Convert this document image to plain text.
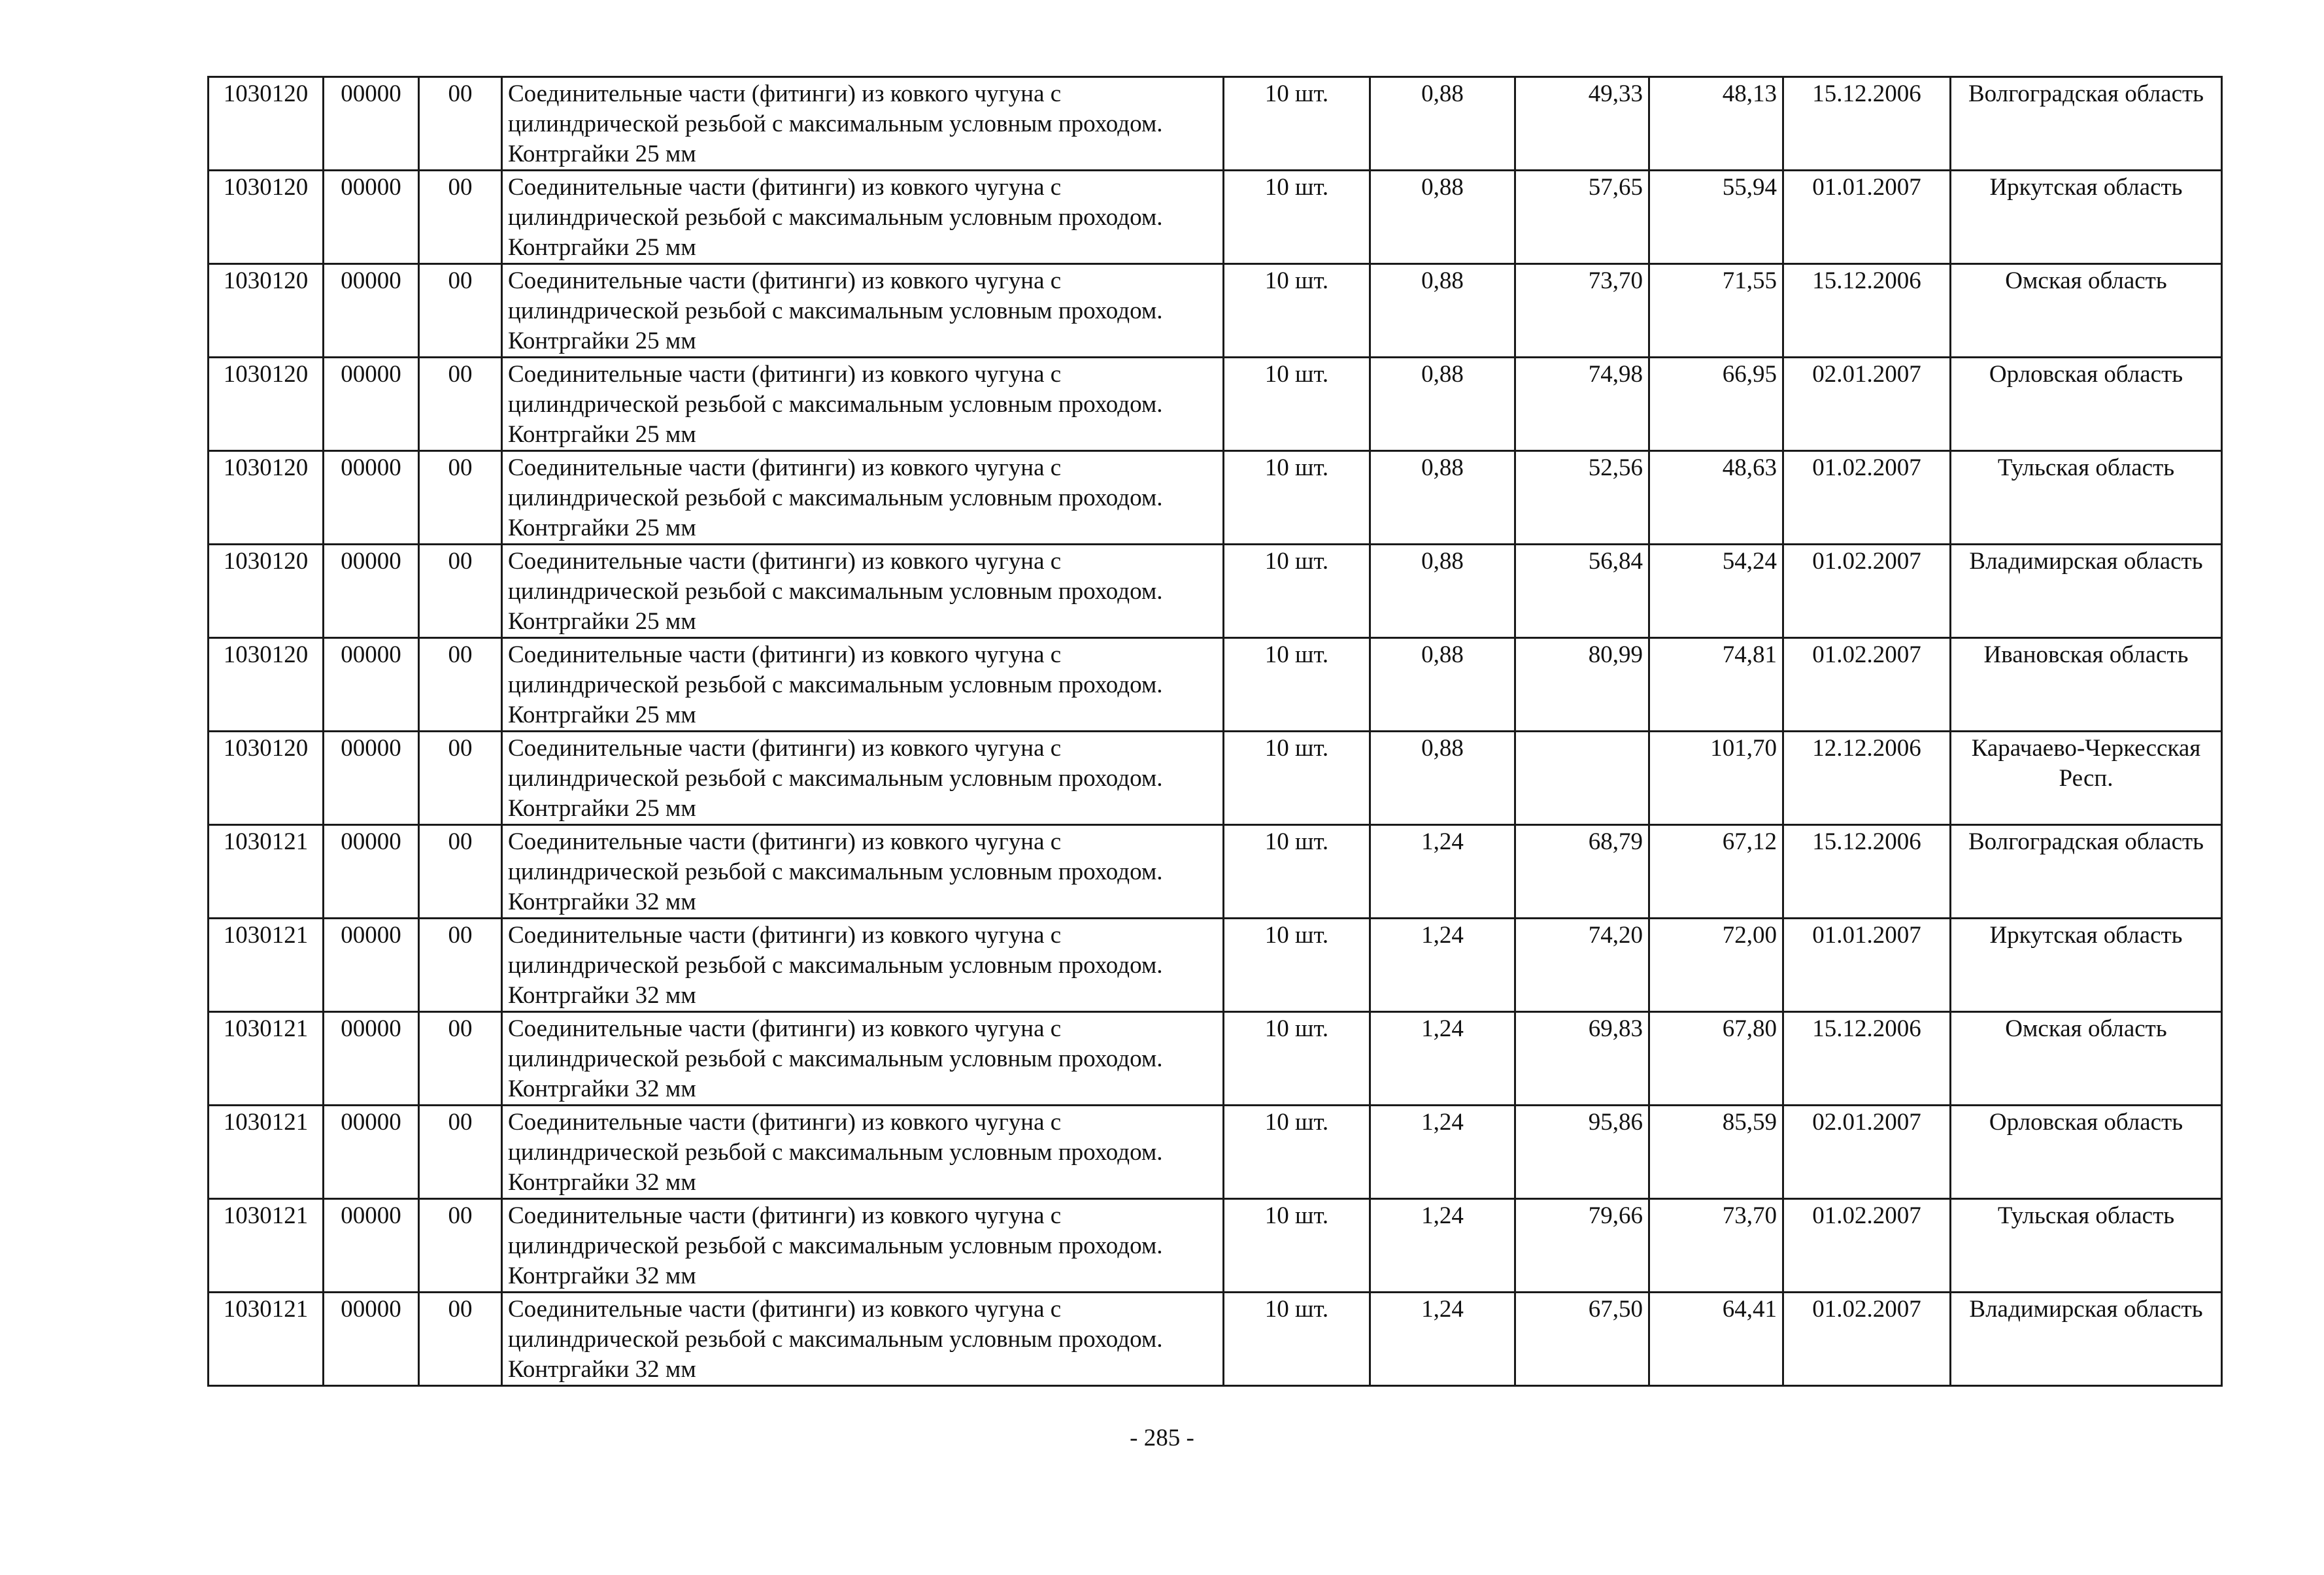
1030120	00000	00	Соединительные части (фитинги) из ковкого чугуна с цилиндрической резьбой с максимальным условным проходом. Контргайки 25 мм	10 шт.	0,88	49,33	48,13	15.12.2006	Волгоградская область
1030120	00000	00	Соединительные части (фитинги) из ковкого чугуна с цилиндрической резьбой с максимальным условным проходом. Контргайки 25 мм	10 шт.	0,88	57,65	55,94	01.01.2007	Иркутская область
1030120	00000	00	Соединительные части (фитинги) из ковкого чугуна с цилиндрической резьбой с максимальным условным проходом. Контргайки 25 мм	10 шт.	0,88	73,70	71,55	15.12.2006	Омская область
1030120	00000	00	Соединительные части (фитинги) из ковкого чугуна с цилиндрической резьбой с максимальным условным проходом. Контргайки 25 мм	10 шт.	0,88	74,98	66,95	02.01.2007	Орловская область
1030120	00000	00	Соединительные части (фитинги) из ковкого чугуна с цилиндрической резьбой с максимальным условным проходом. Контргайки 25 мм	10 шт.	0,88	52,56	48,63	01.02.2007	Тульская область
1030120	00000	00	Соединительные части (фитинги) из ковкого чугуна с цилиндрической резьбой с максимальным условным проходом. Контргайки 25 мм	10 шт.	0,88	56,84	54,24	01.02.2007	Владимирская область
1030120	00000	00	Соединительные части (фитинги) из ковкого чугуна с цилиндрической резьбой с максимальным условным проходом. Контргайки 25 мм	10 шт.	0,88	80,99	74,81	01.02.2007	Ивановская область
1030120	00000	00	Соединительные части (фитинги) из ковкого чугуна с цилиндрической резьбой с максимальным условным проходом. Контргайки 25 мм	10 шт.	0,88		101,70	12.12.2006	Карачаево-Черкесская Респ.
1030121	00000	00	Соединительные части (фитинги) из ковкого чугуна с цилиндрической резьбой с максимальным условным проходом. Контргайки 32 мм	10 шт.	1,24	68,79	67,12	15.12.2006	Волгоградская область
1030121	00000	00	Соединительные части (фитинги) из ковкого чугуна с цилиндрической резьбой с максимальным условным проходом. Контргайки 32 мм	10 шт.	1,24	74,20	72,00	01.01.2007	Иркутская область
1030121	00000	00	Соединительные части (фитинги) из ковкого чугуна с цилиндрической резьбой с максимальным условным проходом. Контргайки 32 мм	10 шт.	1,24	69,83	67,80	15.12.2006	Омская область
1030121	00000	00	Соединительные части (фитинги) из ковкого чугуна с цилиндрической резьбой с максимальным условным проходом. Контргайки 32 мм	10 шт.	1,24	95,86	85,59	02.01.2007	Орловская область
1030121	00000	00	Соединительные части (фитинги) из ковкого чугуна с цилиндрической резьбой с максимальным условным проходом. Контргайки 32 мм	10 шт.	1,24	79,66	73,70	01.02.2007	Тульская область
1030121	00000	00	Соединительные части (фитинги) из ковкого чугуна с цилиндрической резьбой с максимальным условным проходом. Контргайки 32 мм	10 шт.	1,24	67,50	64,41	01.02.2007	Владимирская область
- 285 -
